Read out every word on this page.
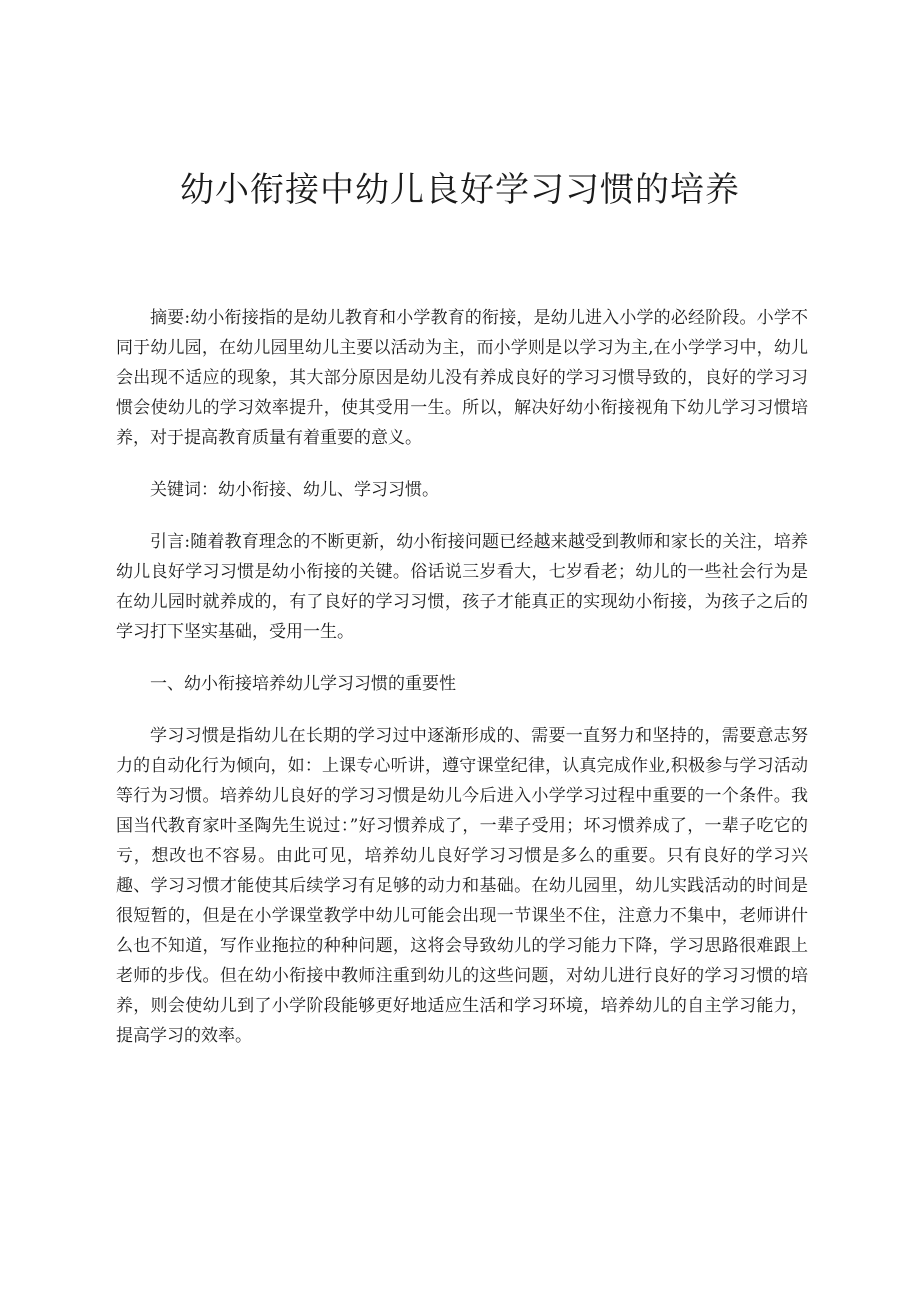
幼小衔接中幼儿良好学习习惯的培养

摘要:幼小衔接指的是幼儿教育和小学教育的衔接，是幼儿进入小学的必经阶段。小学不同于幼儿园，在幼儿园里幼儿主要以活动为主，而小学则是以学习为主,在小学学习中，幼儿会出现不适应的现象，其大部分原因是幼儿没有养成良好的学习习惯导致的，良好的学习习惯会使幼儿的学习效率提升，使其受用一生。所以，解决好幼小衔接视角下幼儿学习习惯培养，对于提高教育质量有着重要的意义。

关键词：幼小衔接、幼儿、学习习惯。

引言:随着教育理念的不断更新，幼小衔接问题已经越来越受到教师和家长的关注，培养幼儿良好学习习惯是幼小衔接的关键。俗话说三岁看大，七岁看老；幼儿的一些社会行为是在幼儿园时就养成的，有了良好的学习习惯，孩子才能真正的实现幼小衔接，为孩子之后的学习打下坚实基础，受用一生。

一、幼小衔接培养幼儿学习习惯的重要性

学习习惯是指幼儿在长期的学习过中逐渐形成的、需要一直努力和坚持的，需要意志努力的自动化行为倾向，如：上课专心听讲，遵守课堂纪律，认真完成作业,积极参与学习活动等行为习惯。培养幼儿良好的学习习惯是幼儿今后进入小学学习过程中重要的一个条件。我国当代教育家叶圣陶先生说过：”好习惯养成了，一辈子受用；坏习惯养成了，一辈子吃它的亏，想改也不容易。由此可见，培养幼儿良好学习习惯是多么的重要。只有良好的学习兴趣、学习习惯才能使其后续学习有足够的动力和基础。在幼儿园里，幼儿实践活动的时间是很短暂的，但是在小学课堂教学中幼儿可能会出现一节课坐不住，注意力不集中，老师讲什么也不知道，写作业拖拉的种种问题，这将会导致幼儿的学习能力下降，学习思路很难跟上老师的步伐。但在幼小衔接中教师注重到幼儿的这些问题，对幼儿进行良好的学习习惯的培养，则会使幼儿到了小学阶段能够更好地适应生活和学习环境，培养幼儿的自主学习能力，提高学习的效率。
